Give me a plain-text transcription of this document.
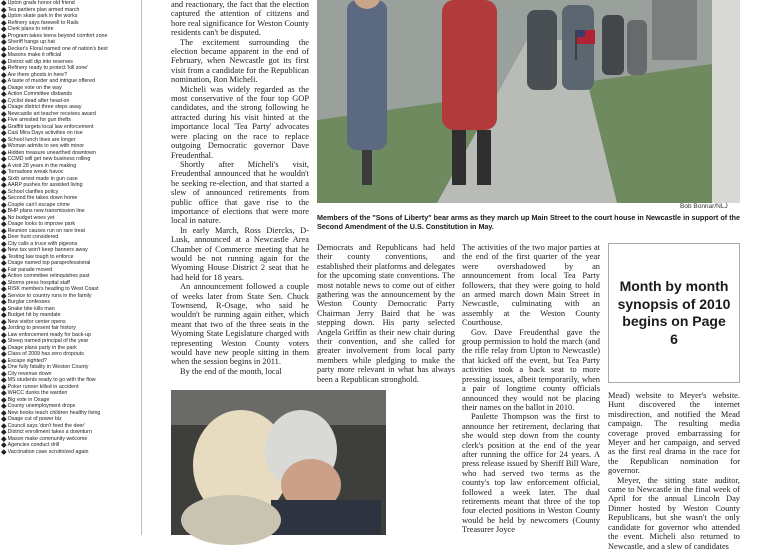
Upton grads honor old friend
Tea partiers plan armed march
Upton skate park in the works
Refinery says farewell to Rails
Clerk plans to retire
Program takes teens beyond comfort zone
Sheriff hangs up hat
Decker's Floral named one of nation's best
Masons make it official
District will dip into reserves
Refinery ready to protect 'kill zone'
Are there ghosts in here?
A taste of murder and intrigue offered
Osage vote on the way
Action Committee disbands
Cyclist dead after head-on
Osage district three steps away
Newcastle art teacher receives award
Five arrested for gun thefts
Graffiti targets local law enforcement
Casi Mira Days activities on rise
School lunch lines are longer
Woman admits to sex with minor
Hidden treasure unearthed downtown
CCMD will get new business rolling
A visit 28 years in the making
Tornadoes wreak havoc
Sixth arrest made in gun case
AARP pushes for assisted living
School clarifies policy
Second fire takes down home
Couple can't escape crime
BHP plans new transmission line
No budget woes yet
Osage looks to improve park
Reunion causes run on rare treat
Deer hunt considered
City calls a truce with pigeons
New tax won't keep banners away
Testing law tough to enforce
Osage named top paraprofessional
Fair parade moved
Action committee relinquishes past
Storms press hospital staff
RISK members heading to West Coast
Service to country runs in the family
Burglar confesses
Snake bite kills man
Budget hit by mandate
New visitor center opens
Jording to present fair history
Law enforcement ready for back-up
Sheep named principal of the year
Osage plans party in the park
Class of 2009 has zero dropouts
Escape sighted?
One fully fatality in Weston County
City revenue down
MS students ready to go with the flow
Poker runner killed in accident
WHCC dunks the warden
Big vote in Osage
County unemployment drops
New books teach children healthy living
Osage cut of power biz
Council says 'don't feed the deer'
District enrollment takes a downturn
Mason make community welcome
Agencies conduct drill
Vaccination case scrutinized again

and reactionary, the fact that the election captured the attention of citizens and bore real significance for Weston County residents can't be disputed.

The excitement surrounding the election became apparent in the end of February, when Newcastle got its first visit from a candidate for the Republican nomination, Ron Micheli.

Micheli was widely regarded as the most conservative of the four top GOP candidates, and the strong following he attracted during his visit hinted at the importance local 'Tea Party' advocates were placing on the race to replace outgoing Democratic governor Dave Freudenthal.

Shortly after Micheli's visit, Freudenthal announced that he wouldn't be seeking re-election, and that started a slew of announced retirements from public office that gave rise to the importance of elections that were more local in nature.

In early March, Ross Diercks, D-Lusk, announced at a Newcastle Area Chamber of Commerce meeting that he would be not running again for the Wyoming House District 2 seat that he had held for 18 years.

An announcement followed a couple of weeks later from State Sen. Chuck Townsend, R-Osage, who said he wouldn't be running again either, which meant that two of the three seats in the Wyoming State Legislature charged with representing Weston County voters would have new people sitting in them when the session begins in 2011.

By the end of the month, local

Bob Bonnar/NLJ
Members of the "Sons of Liberty" bear arms as they march up Main Street to the court house in Newcastle in support of the Second Amendment of the U.S. Constitution in May.

Democrats and Republicans had held their county conventions, and established their platforms and delegates for the upcoming state conventions. The most notable news to come out of either gathering was the announcement by the Weston County Democratic Party Chairman Jerry Baird that he was stepping down. His party selected Angela Griffin as their new chair during their convention, and she called for greater involvement from local party members while pledging to make the party more relevant in what has always been a Republican stronghold.

The activities of the two major parties at the end of the first quarter of the year were overshadowed by an announcement from local Tea Party followers, that they were going to hold an armed march down Main Street in Newcastle, culminating with an assembly at the Weston County Courthouse.

Gov. Dave Freudenthal gave the group permission to hold the march (and the rifle relay from Upton to Newcastle) that kicked off the event, but Tea Party activities took a back seat to more pressing issues, albeit temporarily, when a pair of longtime county officials announced they would not be placing their names on the ballot in 2010.

Paulette Thompson was the first to announce her retirement, declaring that she would step down from the county clerk's position at the end of the year after running the office for 24 years. A press release issued by Sheriff Bill Ware, who had served two terms as the county's top law enforcement official, followed a week later. The dual retirements meant that three of the top four elected positions in Weston County would be held by newcomers (County Treasurer Joyce

Month by month synopsis of 2010 begins on Page 6

Mead) website to Meyer's website. Hunt discovered the internet misdirection, and notified the Mead campaign. The resulting media coverage proved embarrassing for Meyer and her campaign, and served as the first real drama in the race for the Republican nomination for governor.

Meyer, the sitting state auditor, came to Newcastle in the final week of April for the annual Lincoln Day Dinner hosted by Weston County Republicans, but she wasn't the only candidate for governor who attended the event. Micheli also returned to Newcastle, and a slew of candidates
